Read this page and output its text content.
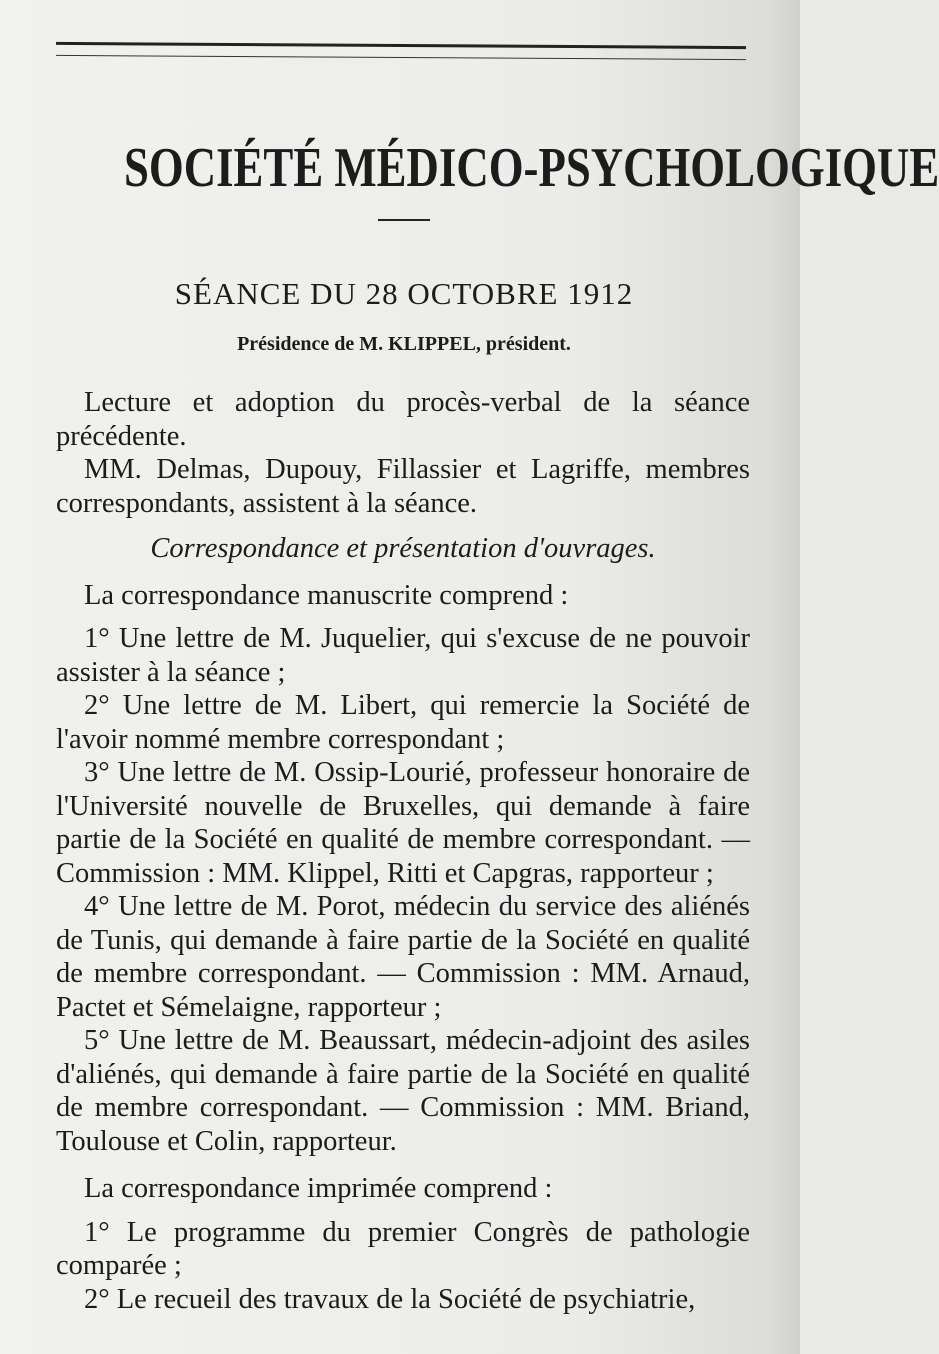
SOCIÉTÉ MÉDICO-PSYCHOLOGIQUE
SÉANCE DU 28 OCTOBRE 1912
Présidence de M. KLIPPEL, président.

Lecture et adoption du procès-verbal de la séance précédente.

MM. Delmas, Dupouy, Fillassier et Lagriffe, membres correspondants, assistent à la séance.

Correspondance et présentation d'ouvrages.

La correspondance manuscrite comprend :

1° Une lettre de M. Juquelier, qui s'excuse de ne pouvoir assister à la séance ;

2° Une lettre de M. Libert, qui remercie la Société de l'avoir nommé membre correspondant ;

3° Une lettre de M. Ossip-Lourié, professeur honoraire de l'Université nouvelle de Bruxelles, qui demande à faire partie de la Société en qualité de membre correspondant. — Commission : MM. Klippel, Ritti et Capgras, rapporteur ;

4° Une lettre de M. Porot, médecin du service des aliénés de Tunis, qui demande à faire partie de la Société en qualité de membre correspondant. — Commission : MM. Arnaud, Pactet et Sémelaigne, rapporteur ;

5° Une lettre de M. Beaussart, médecin-adjoint des asiles d'aliénés, qui demande à faire partie de la Société en qualité de membre correspondant. — Commission : MM. Briand, Toulouse et Colin, rapporteur.

La correspondance imprimée comprend :

1° Le programme du premier Congrès de pathologie comparée ;

2° Le recueil des travaux de la Société de psychiatrie,
